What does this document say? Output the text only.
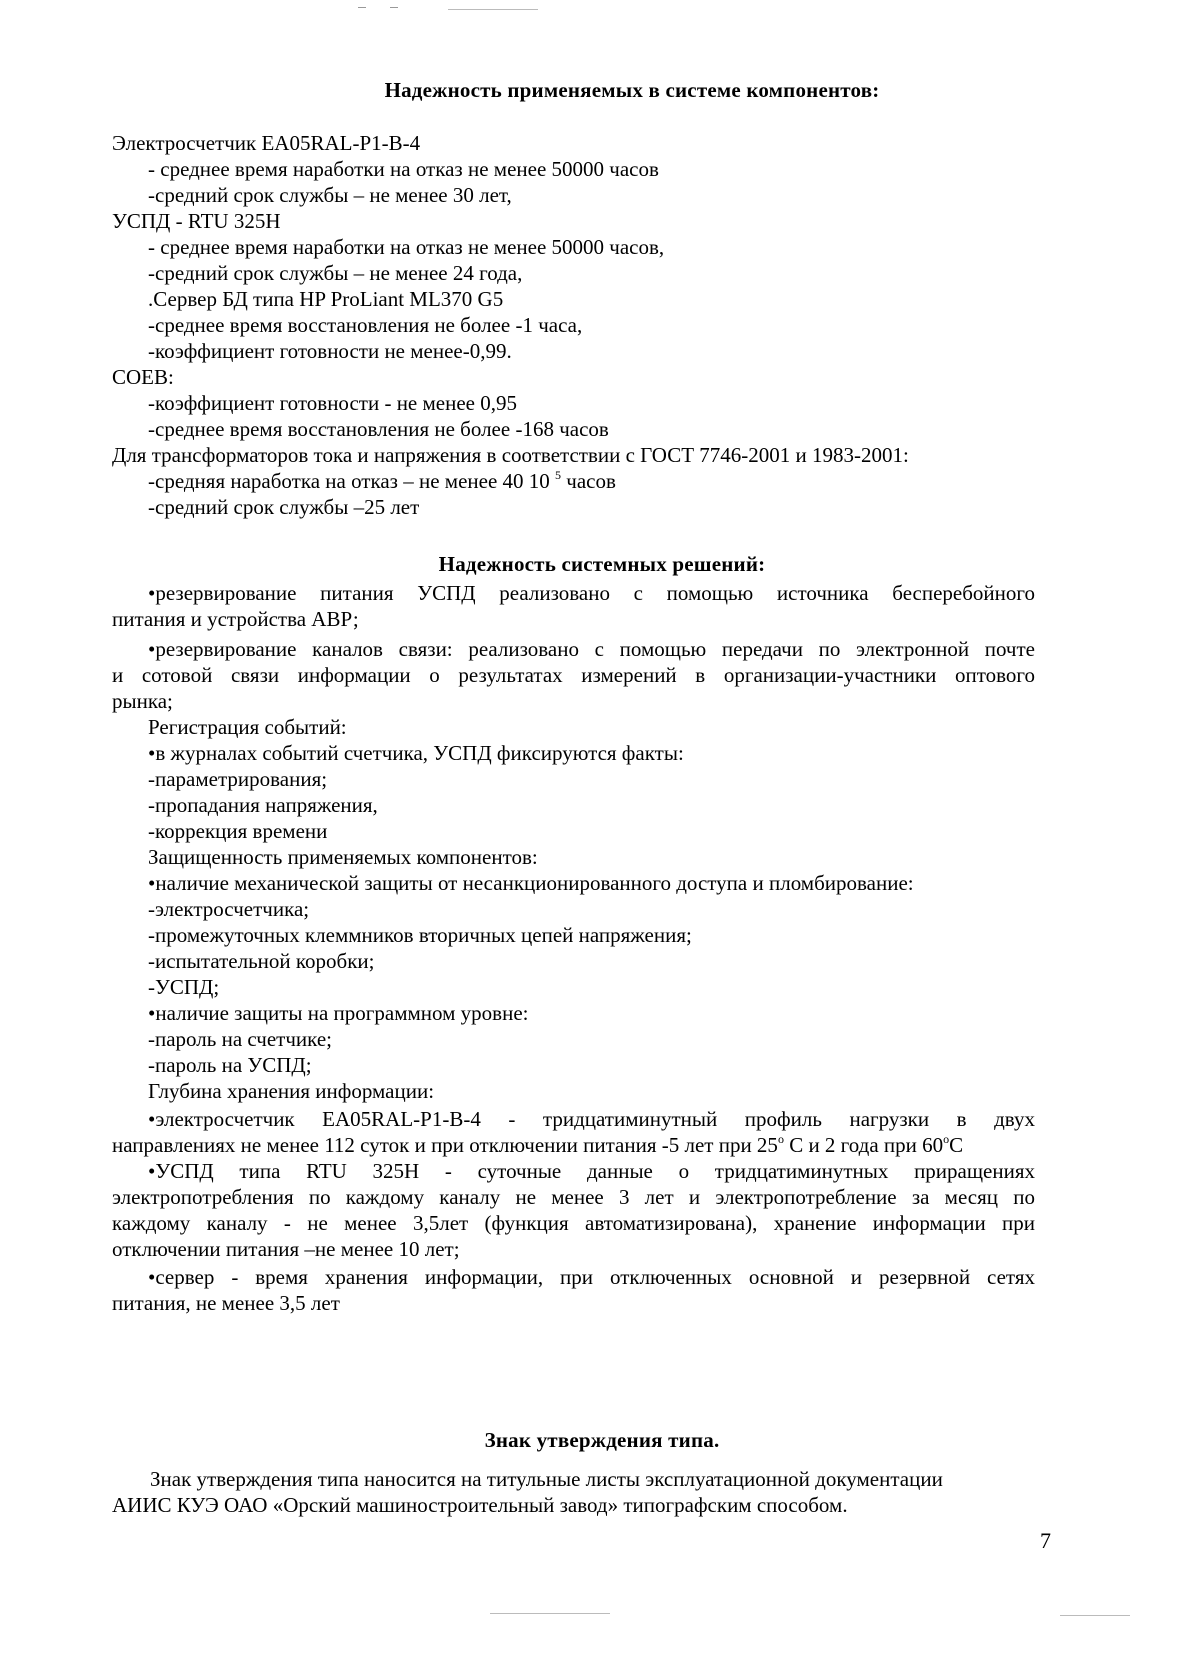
Надежность применяемых в системе компонентов:
Электросчетчик EA05RAL-P1-B-4
- среднее время наработки на отказ не менее 50000 часов
-средний срок службы – не менее 30 лет,
УСПД - RTU 325H
- среднее время наработки на отказ не менее 50000 часов,
-средний срок службы – не менее 24 года,
.Сервер БД типа HP ProLiant ML370 G5
-среднее время восстановления не более -1 часа,
-коэффициент готовности не менее-0,99.
СОЕВ:
-коэффициент готовности - не менее 0,95
-среднее время восстановления не более -168 часов
Для трансформаторов тока и напряжения в соответствии с ГОСТ 7746-2001 и 1983-2001:
-средняя наработка на отказ – не менее 40 10 $^5$ часов
-средний срок службы –25 лет
Надежность системных решений:
•резервирование питания УСПД реализовано с помощью источника бесперебойного
питания и устройства АВР;
•резервирование каналов связи: реализовано с помощью передачи по электронной почте
и сотовой связи информации о результатах измерений в организации-участники оптового
рынка;
Регистрация событий:
•в журналах событий счетчика, УСПД фиксируются факты:
-параметрирования;
-пропадания напряжения,
-коррекция времени
Защищенность применяемых компонентов:
•наличие механической защиты от несанкционированного доступа и пломбирование:
-электросчетчика;
-промежуточных клеммников вторичных цепей напряжения;
-испытательной коробки;
-УСПД;
•наличие защиты на программном уровне:
-пароль на счетчике;
-пароль на УСПД;
Глубина хранения информации:
•электросчетчик EA05RAL-P1-B-4 - тридцатиминутный профиль нагрузки в двух
направлениях не менее 112 суток и при отключении питания -5 лет при 25$^o$ С и 2 года при 60$^o$С
•УСПД типа RTU 325H - суточные данные о тридцатиминутных приращениях
электропотребления по каждому каналу не менее 3 лет и электропотребление за месяц по
каждому каналу - не менее 3,5лет (функция автоматизирована), хранение информации при
отключении питания –не менее 10 лет;
•сервер - время хранения информации, при отключенных основной и резервной сетях
питания, не менее 3,5 лет
Знак утверждения типа.
Знак утверждения типа наносится на титульные листы эксплуатационной документации
АИИС КУЭ ОАО «Орский машиностроительный завод» типографским способом.
7
